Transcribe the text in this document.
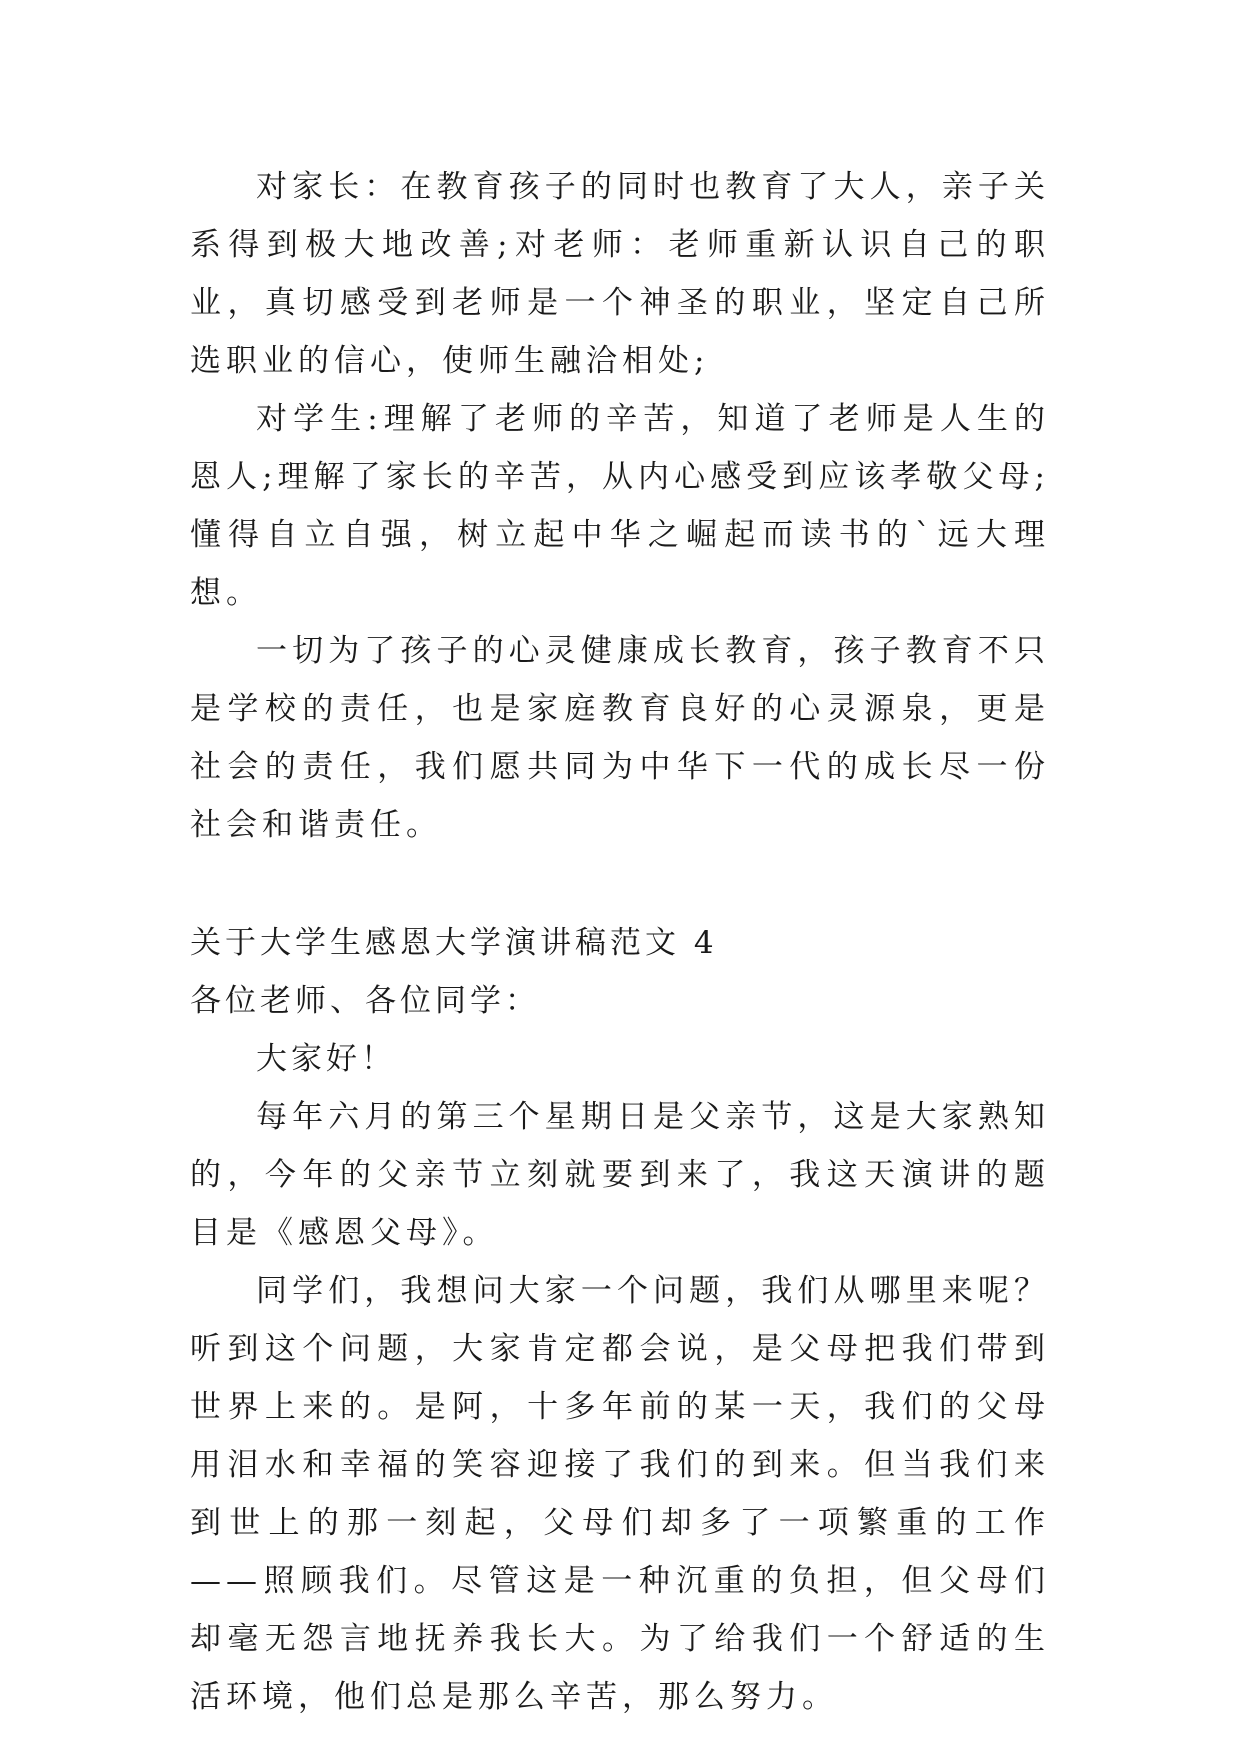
对家长：在教育孩子的同时也教育了大人，亲子关系得到极大地改善;对老师：老师重新认识自己的职业，真切感受到老师是一个神圣的职业，坚定自己所选职业的信心，使师生融洽相处;

对学生:理解了老师的辛苦，知道了老师是人生的恩人;理解了家长的辛苦，从内心感受到应该孝敬父母;懂得自立自强，树立起中华之崛起而读书的`远大理想。

一切为了孩子的心灵健康成长教育，孩子教育不只是学校的责任，也是家庭教育良好的心灵源泉，更是社会的责任，我们愿共同为中华下一代的成长尽一份社会和谐责任。

关于大学生感恩大学演讲稿范文 4

各位老师、各位同学：

大家好！

每年六月的第三个星期日是父亲节，这是大家熟知的，今年的父亲节立刻就要到来了，我这天演讲的题目是《感恩父母》。

同学们，我想问大家一个问题，我们从哪里来呢？听到这个问题，大家肯定都会说，是父母把我们带到世界上来的。是阿，十多年前的某一天，我们的父母用泪水和幸福的笑容迎接了我们的到来。但当我们来到世上的那一刻起，父母们却多了一项繁重的工作——照顾我们。尽管这是一种沉重的负担，但父母们却毫无怨言地抚养我长大。为了给我们一个舒适的生活环境，他们总是那么辛苦，那么努力。
